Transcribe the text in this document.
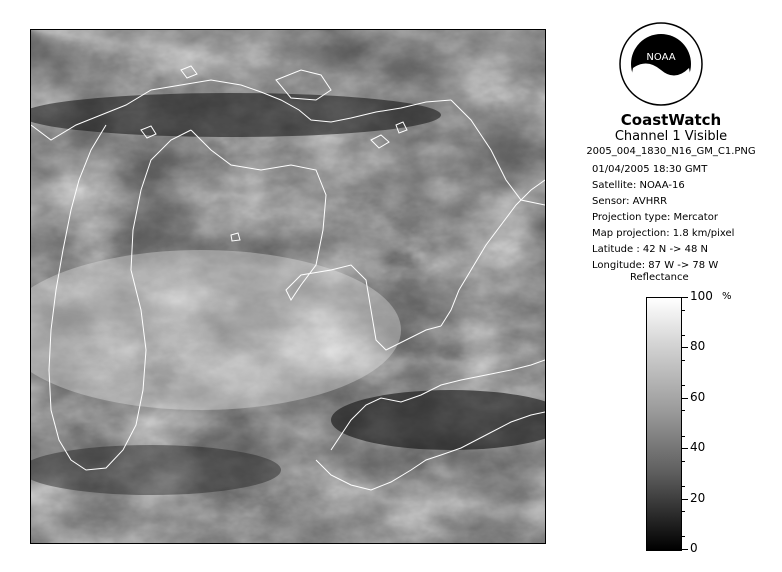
NOAA
CoastWatch
Channel 1 Visible
2005_004_1830_N16_GM_C1.PNG
01/04/2005 18:30 GMT
Satellite: NOAA-16
Sensor: AVHRR
Projection type: Mercator
Map projection: 1.8 km/pixel
Latitude : 42 N -> 48 N
Longitude: 87 W -> 78 W
Reflectance
%
100
80
60
40
20
0
